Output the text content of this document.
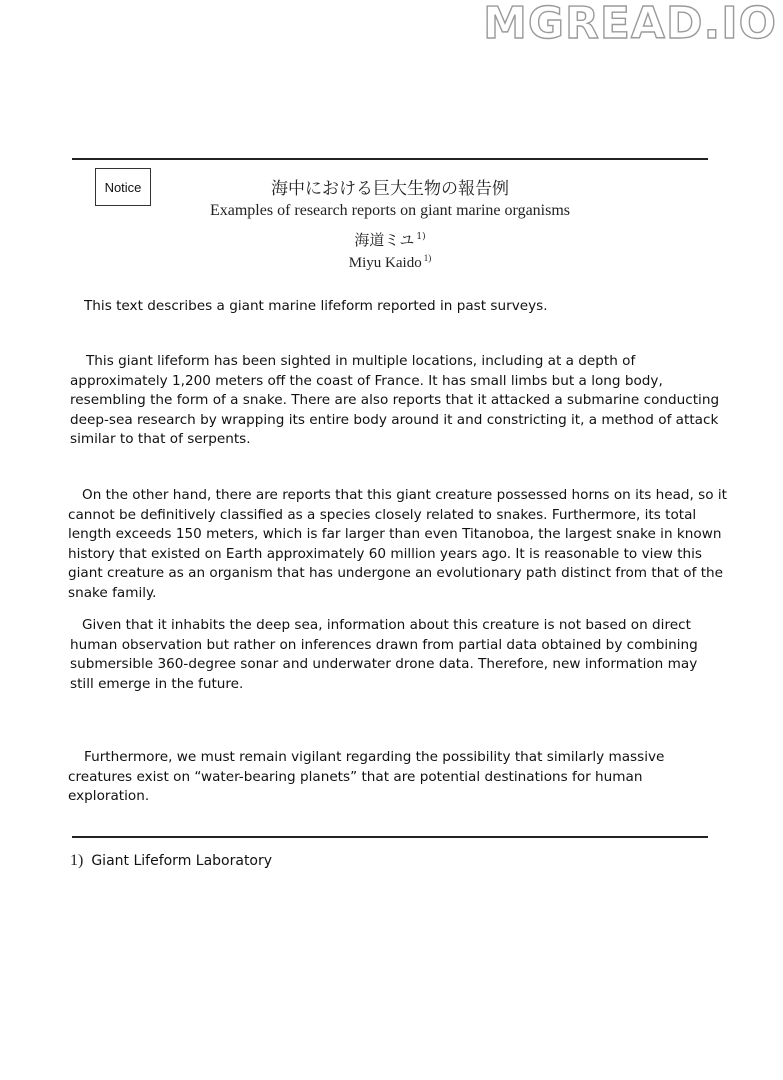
MGREAD.IO
Notice	海中における巨大生物の報告例
Examples of research reports on giant marine organisms
海道ミユ $^{1)}$
Miyu Kaido $^{1)}$

This text describes a giant marine lifeform reported in past surveys.

This giant lifeform has been sighted in multiple locations, including at a depth of approximately 1,200 meters off the coast of France. It has small limbs but a long body, resembling the form of a snake. There are also reports that it attacked a submarine conducting deep-sea research by wrapping its entire body around it and constricting it, a method of attack similar to that of serpents.

On the other hand, there are reports that this giant creature possessed horns on its head, so it cannot be definitively classified as a species closely related to snakes. Furthermore, its total length exceeds 150 meters, which is far larger than even Titanoboa, the largest snake in known history that existed on Earth approximately 60 million years ago. It is reasonable to view this giant creature as an organism that has undergone an evolutionary path distinct from that of the snake family.

Given that it inhabits the deep sea, information about this creature is not based on direct human observation but rather on inferences drawn from partial data obtained by combining submersible 360-degree sonar and underwater drone data. Therefore, new information may still emerge in the future.

Furthermore, we must remain vigilant regarding the possibility that similarly massive creatures exist on “water-bearing planets” that are potential destinations for human exploration.

1) Giant Lifeform Laboratory
